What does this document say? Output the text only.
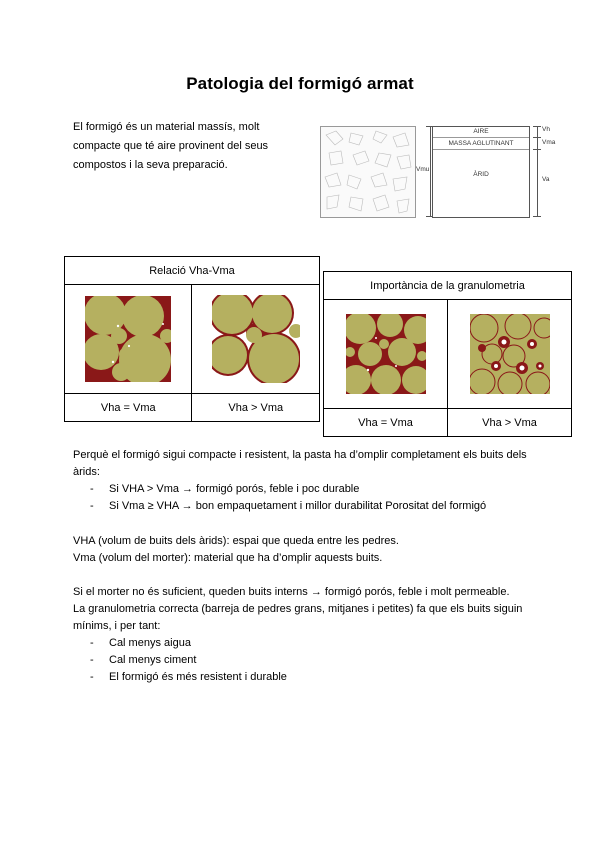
Patologia del formigó armat
El formigó és un material massís, molt compacte que té aire provinent del seus compostos i la seva preparació.	Vmu
AIRE
MASSA AGLUTINANT
ÀRID
Vh
Vma
Va
Relació Vha-Vma	

Vha = Vma	Vha > Vma
Importància de la granulometria	

Vha = Vma	Vha > Vma
Perquè el formigó sigui compacte i resistent, la pasta ha d’omplir completament els buits dels àrids:
- Si VHA > Vma → formigó porós, feble i poc durable
- Si Vma ≥ VHA → bon empaquetament i millor durabilitat Porositat del formigó
VHA (volum de buits dels àrids): espai que queda entre les pedres.
Vma (volum del morter): material que ha d’omplir aquests buits.
Si el morter no és suficient, queden buits interns → formigó porós, feble i molt permeable.
La granulometria correcta (barreja de pedres grans, mitjanes i petites) fa que els buits siguin mínims, i per tant:
- Cal menys aigua
- Cal menys ciment
- El formigó és més resistent i durable
